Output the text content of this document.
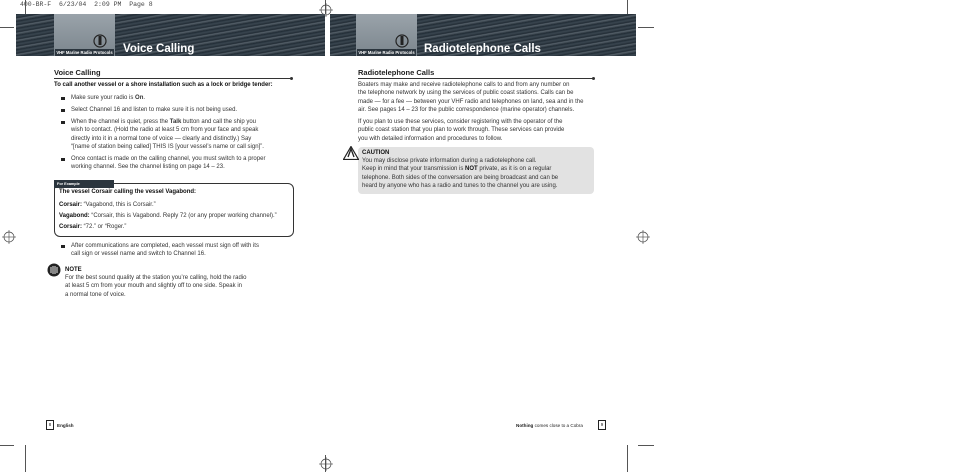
400-BR-F  6/23/04  2:09 PM  Page 8
VHF Marine Radio Protocols	VHF Marine Radio Protocols
Voice Calling	Radiotelephone Calls
Voice Calling
To call another vessel or a shore installation such as a lock or bridge tender:
Make sure your radio is On.
Select Channel 16 and listen to make sure it is not being used.
When the channel is quiet, press the Talk button and call the ship you
wish to contact. (Hold the radio at least 5 cm from your face and speak
directly into it in a normal tone of voice — clearly and distinctly.) Say
“[name of station being called] THIS IS [your vessel’s name or call sign]”.
Once contact is made on the calling channel, you must switch to a proper
working channel. See the channel listing on page 14 – 23.
For Example
The vessel Corsair calling the vessel Vagabond:
Corsair: “Vagabond, this is Corsair.”
Vagabond: “Corsair, this is Vagabond. Reply 72 (or any proper working channel).”
Corsair: “72.” or “Roger.”
After communications are completed, each vessel must sign off with its
call sign or vessel name and switch to Channel 16.
NOTE
For the best sound quality at the station you’re calling, hold the radio
at least 5 cm from your mouth and slightly off to one side. Speak in
a normal tone of voice.
8	English
Radiotelephone Calls
Boaters may make and receive radiotelephone calls to and from any number on
the telephone network by using the services of public coast stations. Calls can be
made — for a fee — between your VHF radio and telephones on land, sea and in the
air. See pages 14 – 23 for the public correspondence (marine operator) channels.
If you plan to use these services, consider registering with the operator of the
public coast station that you plan to work through. These services can provide
you with detailed information and procedures to follow.
CAUTION
You may disclose private information during a radiotelephone call.
Keep in mind that your transmission is NOT private, as it is on a regular
telephone. Both sides of the conversation are being broadcast and can be
heard by anyone who has a radio and tunes to the channel you are using.
Nothing comes close to a Cobra	9
